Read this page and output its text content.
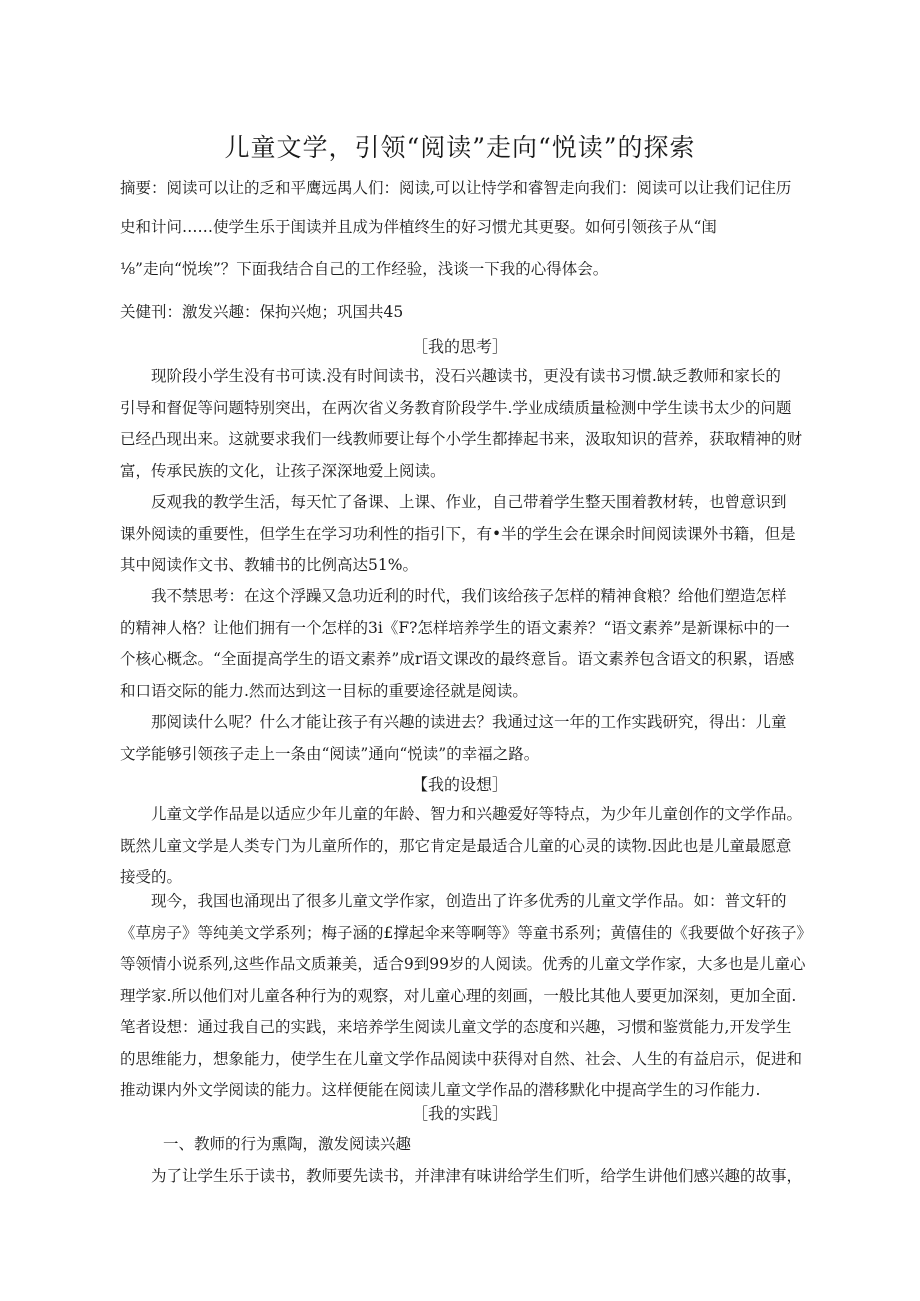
儿童文学，引领“阅读”走向“悦读”的探索
摘要：阅读可以让的乏和平鹰远禺人们：阅读,可以让恃学和睿智走向我们：阅读可以让我们记住历
史和计问……使学生乐于闺读并且成为伴植终生的好习惯尤其更娶。如何引领孩子从“闺
⅛”走向“悦埃”？下面我结合自己的工作经验，浅谈一下我的心得体会。
关健刊：激发兴趣：保拘兴炮；巩国共45
［我的思考］
现阶段小学生没有书可读.没有时间读书，没石兴趣读书，更没有读书习惯.缺乏教师和家长的
引导和督促等问题特别突出，在两次省义务教育阶段学牛.学业成绩质量检测中学生读书太少的问题
已经凸现出来。这就要求我们一线教师要让每个小学生都捧起书来，汲取知识的营养，获取精神的财
富，传承民族的文化，让孩子深深地爱上阅读。
反观我的教学生活，每天忙了备课、上课、作业，自己带着学生整天围着教材转，也曾意识到
课外阅读的重要性，但学生在学习功利性的指引下，有•半的学生会在课余时间阅读课外书籍，但是
其中阅读作文书、教辅书的比例高达51%。
我不禁思考：在这个浮躁又急功近利的时代，我们该给孩子怎样的精神食粮？给他们塑造怎样
的精神人格？让他们拥有一个怎样的3i《F?怎样培养学生的语文素养？“语文素养”是新课标中的一
个核心概念。“全面提高学生的语文素养”成r语文课改的最终意旨。语文素养包含语文的积累，语感
和口语交际的能力.然而达到这一目标的重要途径就是阅读。
那阅读什么呢？什么才能让孩子有兴趣的读进去？我通过这一年的工作实践研究，得出：儿童
文学能够引领孩子走上一条由“阅读”通向“悦读”的幸福之路。
【我的设想］
儿童文学作品是以适应少年儿童的年龄、智力和兴趣爱好等特点，为少年儿童创作的文学作品。
既然儿童文学是人类专门为儿童所作的，那它肯定是最适合儿童的心灵的读物.因此也是儿童最愿意
接受的。
现今，我国也涌现出了很多儿童文学作家，创造出了许多优秀的儿童文学作品。如：普文轩的
《草房子》等纯美文学系列；梅子涵的£撑起伞来等啊等》等童书系列；黄僖佳的《我要做个好孩子》
等领情小说系列,这些作品文质兼美，适合9到99岁的人阅读。优秀的儿童文学作家，大多也是儿童心
理学家.所以他们对儿童各种行为的观察，对儿童心理的刻画，一般比其他人要更加深刻，更加全面.
笔者设想：通过我自己的实践，来培养学生阅读儿童文学的态度和兴趣，习惯和鉴赏能力,开发学生
的思维能力，想象能力，使学生在儿童文学作品阅读中获得对自然、社会、人生的有益启示，促进和
推动课内外文学阅读的能力。这样便能在阅读儿童文学作品的潜移默化中提高学生的习作能力.
［我的实践］
一、教师的行为熏陶，激发阅读兴趣
为了让学生乐于读书，教师要先读书，并津津有味讲给学生们听，给学生讲他们感兴趣的故事，
